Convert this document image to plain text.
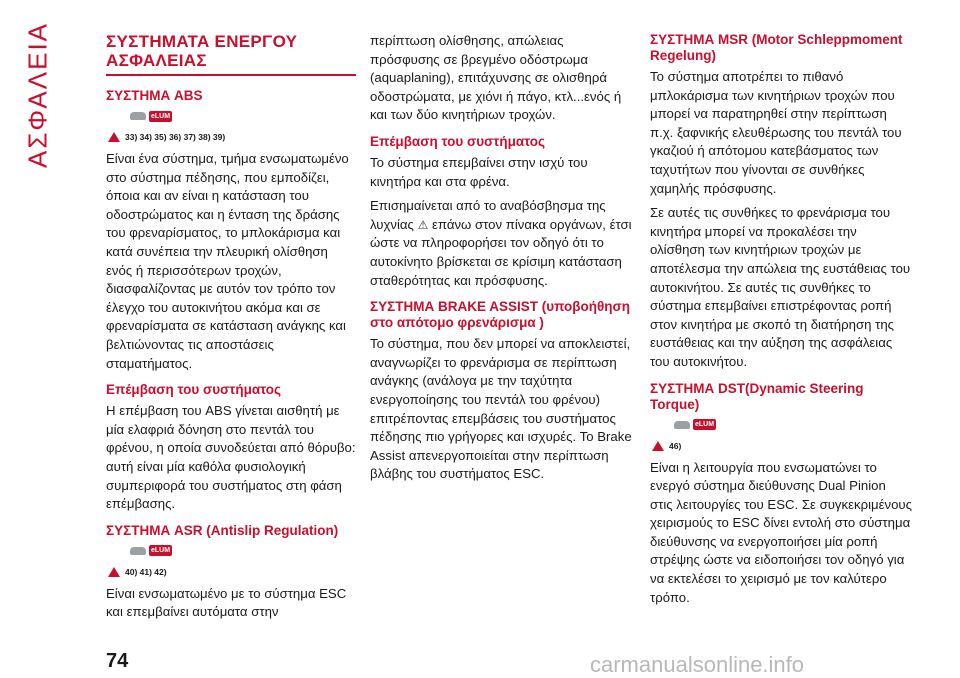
ΑΣΦΑΛΕΙΑ	ΣΥΣΤΗΜΑΤΑ ΕΝΕΡΓΟΥ ΑΣΦΑΛΕΙΑΣ
ΣΥΣΤΗΜΑ ABS
eLUM
33) 34) 35) 36) 37) 38) 39)

Είναι ένα σύστημα, τμήμα ενσωματωμένο στο σύστημα πέδησης, που εμποδίζει, όποια και αν είναι η κατάσταση του οδοστρώματος και η ένταση της δράσης του φρεναρίσματος, το μπλοκάρισμα και κατά συνέπεια την πλευρική ολίσθηση ενός ή περισσότερων τροχών, διασφαλίζοντας με αυτόν τον τρόπο τον έλεγχο του αυτοκινήτου ακόμα και σε φρεναρίσματα σε κατάσταση ανάγκης και βελτιώνοντας τις αποστάσεις σταματήματος.

Επέμβαση του συστήματος

Η επέμβαση του ABS γίνεται αισθητή με μία ελαφριά δόνηση στο πεντάλ του φρένου, η οποία συνοδεύεται από θόρυβο: αυτή είναι μία καθόλα φυσιολογική συμπεριφορά του συστήματος στη φάση επέμβασης.

ΣΥΣΤΗΜΑ ASR (Antislip Regulation)
eLUM
40) 41) 42)

Είναι ενσωματωμένο με το σύστημα ESC και επεμβαίνει αυτόματα στην

περίπτωση ολίσθησης, απώλειας πρόσφυσης σε βρεγμένο οδόστρωμα (aquaplaning), επιτάχυνσης σε ολισθηρά οδοστρώματα, με χιόνι ή πάγο, κτλ...ενός ή και των δύο κινητήριων τροχών.

Επέμβαση του συστήματος

Το σύστημα επεμβαίνει στην ισχύ του κινητήρα και στα φρένα.

Επισημαίνεται από το αναβόσβησμα της λυχνίας ⚠ επάνω στον πίνακα οργάνων, έτσι ώστε να πληροφορήσει τον οδηγό ότι το αυτοκίνητο βρίσκεται σε κρίσιμη κατάσταση σταθερότητας και πρόσφυσης.

ΣΥΣΤΗΜΑ BRAKE ASSIST (υποβοήθηση στο απότομο φρενάρισμα )

Το σύστημα, που δεν μπορεί να αποκλειστεί, αναγνωρίζει το φρενάρισμα σε περίπτωση ανάγκης (ανάλογα με την ταχύτητα ενεργοποίησης του πεντάλ του φρένου) επιτρέποντας επεμβάσεις του συστήματος πέδησης πιο γρήγορες και ισχυρές. Το Brake Assist απενεργοποιείται στην περίπτωση βλάβης του συστήματος ESC.

ΣΥΣΤΗΜΑ MSR (Motor Schleppmoment Regelung)

Το σύστημα αποτρέπει το πιθανό μπλοκάρισμα των κινητήριων τροχών που μπορεί να παρατηρηθεί στην περίπτωση π.χ. ξαφνικής ελευθέρωσης του πεντάλ του γκαζιού ή απότομου κατεβάσματος των ταχυτήτων που γίνονται σε συνθήκες χαμηλής πρόσφυσης.

Σε αυτές τις συνθήκες το φρενάρισμα του κινητήρα μπορεί να προκαλέσει την ολίσθηση των κινητήριων τροχών με αποτέλεσμα την απώλεια της ευστάθειας του αυτοκινήτου. Σε αυτές τις συνθήκες το σύστημα επεμβαίνει επιστρέφοντας ροπή στον κινητήρα με σκοπό τη διατήρηση της ευστάθειας και την αύξηση της ασφάλειας του αυτοκινήτου.

ΣΥΣΤΗΜΑ DST(Dynamic Steering Torque)
eLUM
46)

Είναι η λειτουργία που ενσωματώνει το ενεργό σύστημα διεύθυνσης Dual Pinion στις λειτουργίες του ESC. Σε συγκεκριμένους χειρισμούς το ESC δίνει εντολή στο σύστημα διεύθυνσης να ενεργοποιήσει μία ροπή στρέψης ώστε να ειδοποιήσει τον οδηγό για να εκτελέσει το χειρισμό με τον καλύτερο τρόπο.

74	carmanualsonline.info
